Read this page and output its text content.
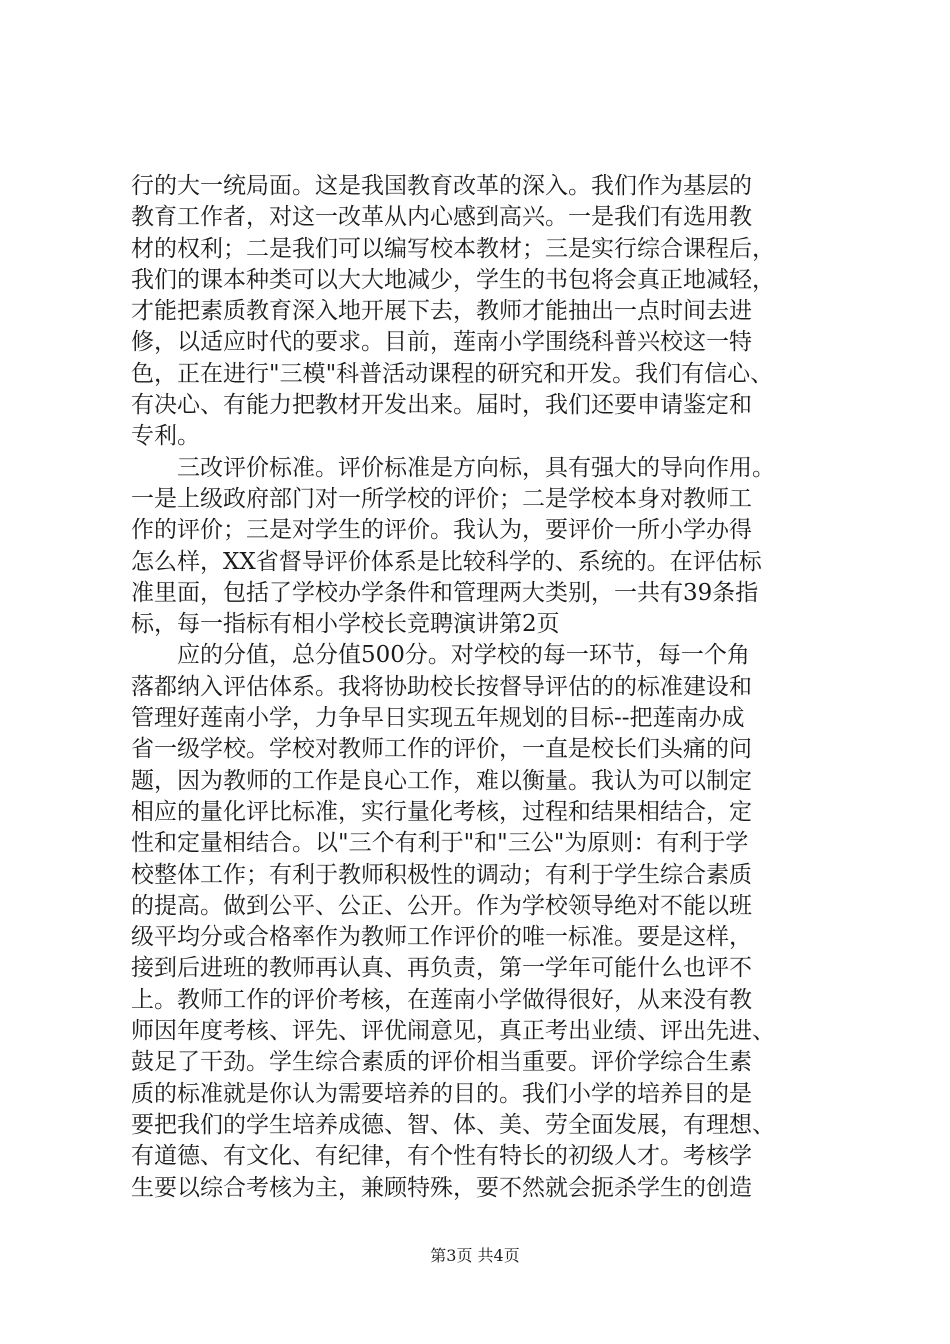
行的大一统局面。这是我国教育改革的深入。我们作为基层的
教育工作者，对这一改革从内心感到高兴。一是我们有选用教
材的权利；二是我们可以编写校本教材；三是实行综合课程后，
我们的课本种类可以大大地减少，学生的书包将会真正地减轻，
才能把素质教育深入地开展下去，教师才能抽出一点时间去进
修，以适应时代的要求。目前，莲南小学围绕科普兴校这一特
色，正在进行"三模"科普活动课程的研究和开发。我们有信心、
有决心、有能力把教材开发出来。届时，我们还要申请鉴定和
专利。
　　三改评价标准。评价标准是方向标，具有强大的导向作用。
一是上级政府部门对一所学校的评价；二是学校本身对教师工
作的评价；三是对学生的评价。我认为，要评价一所小学办得
怎么样，XX省督导评价体系是比较科学的、系统的。在评估标
准里面，包括了学校办学条件和管理两大类别，一共有39条指
标，每一指标有相小学校长竞聘演讲第2页
　　应的分值，总分值500分。对学校的每一环节，每一个角
落都纳入评估体系。我将协助校长按督导评估的的标准建设和
管理好莲南小学，力争早日实现五年规划的目标--把莲南办成
省一级学校。学校对教师工作的评价，一直是校长们头痛的问
题，因为教师的工作是良心工作，难以衡量。我认为可以制定
相应的量化评比标准，实行量化考核，过程和结果相结合，定
性和定量相结合。以"三个有利于"和"三公"为原则：有利于学
校整体工作；有利于教师积极性的调动；有利于学生综合素质
的提高。做到公平、公正、公开。作为学校领导绝对不能以班
级平均分或合格率作为教师工作评价的唯一标准。要是这样，
接到后进班的教师再认真、再负责，第一学年可能什么也评不
上。教师工作的评价考核，在莲南小学做得很好，从来没有教
师因年度考核、评先、评优闹意见，真正考出业绩、评出先进、
鼓足了干劲。学生综合素质的评价相当重要。评价学综合生素
质的标准就是你认为需要培养的目的。我们小学的培养目的是
要把我们的学生培养成德、智、体、美、劳全面发展，有理想、
有道德、有文化、有纪律，有个性有特长的初级人才。考核学
生要以综合考核为主，兼顾特殊，要不然就会扼杀学生的创造
第3页 共4页
